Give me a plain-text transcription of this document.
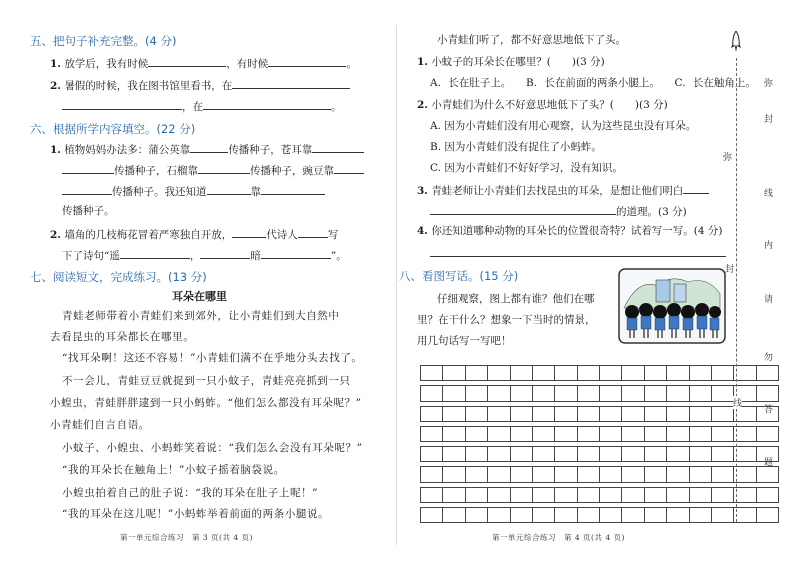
五、把句子补充完整。(4 分)
1. 放学后，我有时候	，有时候	。
2. 暑假的时候，我在图书馆里看书，在
，在	。
六、根据所学内容填空。(22 分)
1. 植物妈妈办法多：蒲公英靠	传播种子，苍耳靠
传播种子，石榴靠	传播种子，豌豆靠
传播种子。我还知道	靠
传播种子。
2. 墙角的几枝梅花冒着严寒独自开放，	代诗人	写
下了诗句“遥	，	暗	”。
七、阅读短文，完成练习。(13 分)
耳朵在哪里
青蛙老师带着小青蛙们来到郊外，让小青蛙们到大自然中
去看昆虫的耳朵都长在哪里。
“找耳朵啊！这还不容易！”小青蛙们满不在乎地分头去找了。
不一会儿，青蛙豆豆就捉到一只小蚊子，青蛙亮亮抓到一只
小蝗虫，青蛙胖胖逮到一只小蚂蚱。“他们怎么都没有耳朵呢？”
小青蛙们自言自语。
小蚊子、小蝗虫、小蚂蚱笑着说：“我们怎么会没有耳朵呢？”
“我的耳朵长在触角上！”小蚊子摇着脑袋说。
小蝗虫拍着自己的肚子说：“我的耳朵在肚子上呢！”
“我的耳朵在这儿呢！”小蚂蚱举着前面的两条小腿说。
第一单元综合练习　第 3 页(共 4 页)
小青蛙们听了，都不好意思地低下了头。
1. 小蚊子的耳朵长在哪里？(　　)(3 分)
A. 长在肚子上。 B. 长在前面的两条小腿上。 C. 长在触角上。
2. 小青蛙们为什么不好意思地低下了头？(　　)(3 分)
A. 因为小青蛙们没有用心观察，认为这些昆虫没有耳朵。
B. 因为小青蛙们没有捉住了小蚂蚱。
C. 因为小青蛙们不好好学习，没有知识。
3. 青蛙老师让小青蛙们去找昆虫的耳朵，是想让他们明白
的道理。(3 分)
4. 你还知道哪种动物的耳朵长的位置很奇特？试着写一写。(4 分)
八、看图写话。(15 分)
仔细观察，图上都有谁？他们在哪
里？在干什么？想象一下当时的情景，
用几句话写一写吧！
第一单元综合练习　第 4 页(共 4 页)
弥
封
线
弥
封
线
内
请
勿
答
题
